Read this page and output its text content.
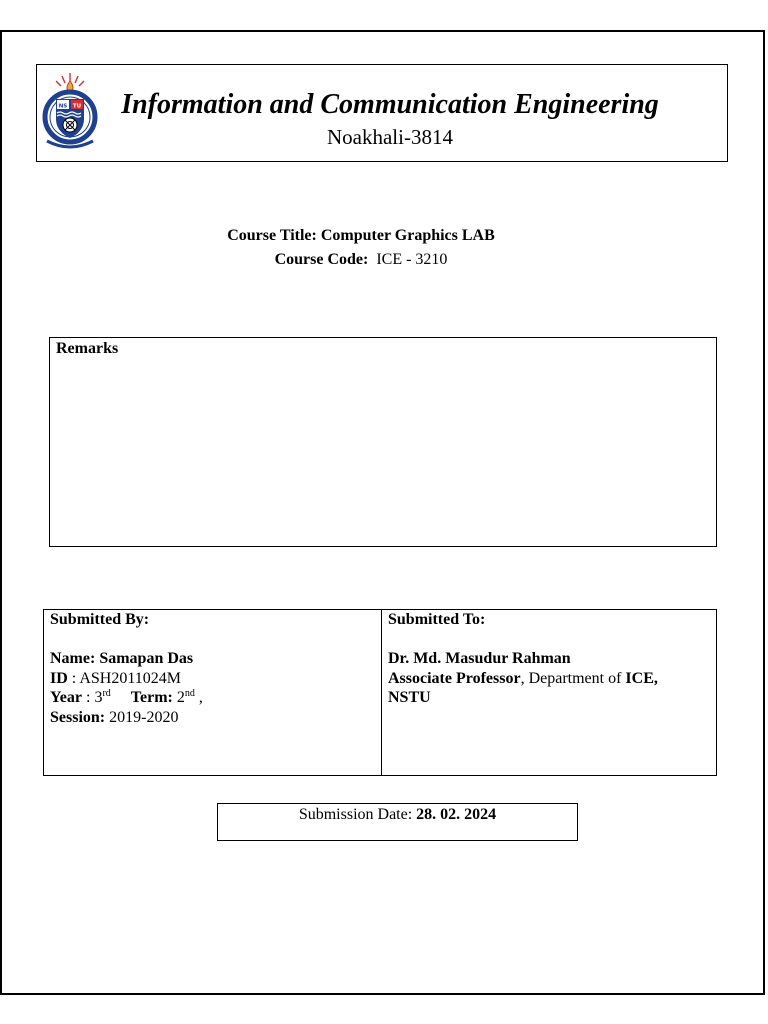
NS TU	Information and Communication Engineering
Noakhali-3814
Course Title: Computer Graphics LAB
Course Code: ICE - 3210
Remarks
Submitted By:
Name: Samapan Das
ID : ASH2011024M
Year : 3rd Term: 2nd ,
Session: 2019-2020
Submitted To:
Dr. Md. Masudur Rahman
Associate Professor, Department of ICE,
NSTU
Submission Date: 28. 02. 2024
